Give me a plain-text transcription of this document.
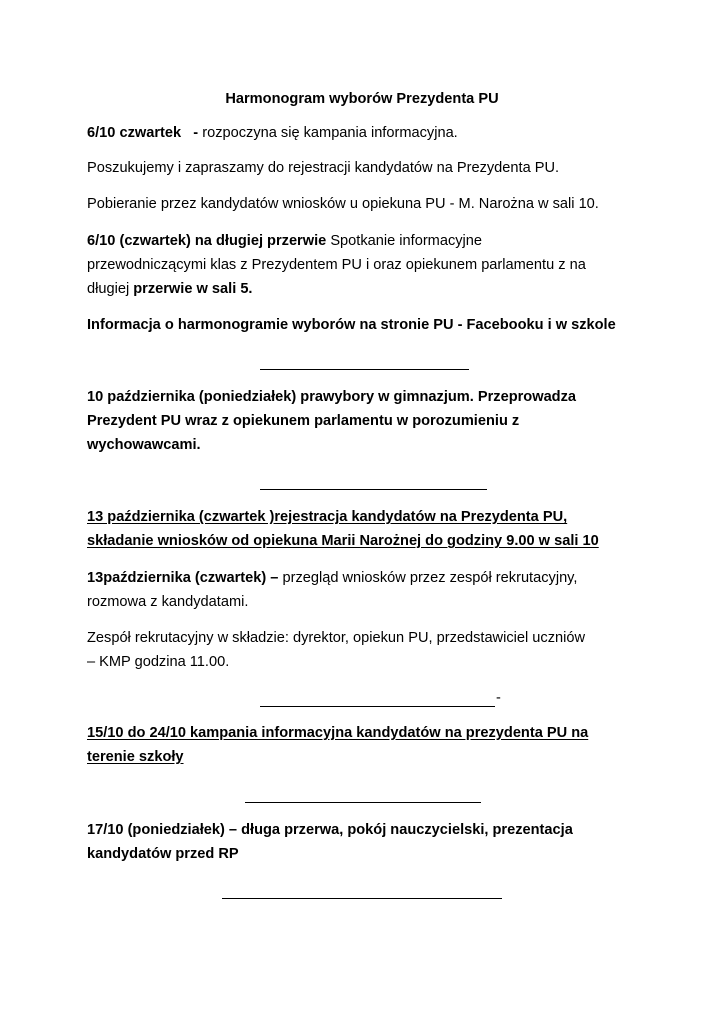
Harmonogram wyborów Prezydenta PU
6/10 czwartek - rozpoczyna się kampania informacyjna.
Poszukujemy i zapraszamy do rejestracji kandydatów na Prezydenta PU.
Pobieranie przez kandydatów wniosków u opiekuna PU - M. Narożna w sali 10.
6/10 (czwartek) na długiej przerwie Spotkanie informacyjne
przewodniczącymi klas z Prezydentem PU i oraz opiekunem parlamentu z na
długiej przerwie w sali 5.
Informacja o harmonogramie wyborów na stronie PU - Facebooku i w szkole
10 października (poniedziałek) prawybory w gimnazjum. Przeprowadza
Prezydent PU wraz z opiekunem parlamentu w porozumieniu z
wychowawcami.
13 października (czwartek )rejestracja kandydatów na Prezydenta PU,
składanie wniosków od opiekuna Marii Narożnej do godziny 9.00 w sali 10
13października (czwartek) – przegląd wniosków przez zespół rekrutacyjny,
rozmowa z kandydatami.
Zespół rekrutacyjny w składzie: dyrektor, opiekun PU, przedstawiciel uczniów
– KMP godzina 11.00.
-
15/10 do 24/10 kampania informacyjna kandydatów na prezydenta PU na
terenie szkoły
17/10 (poniedziałek) – długa przerwa, pokój nauczycielski, prezentacja
kandydatów przed RP
